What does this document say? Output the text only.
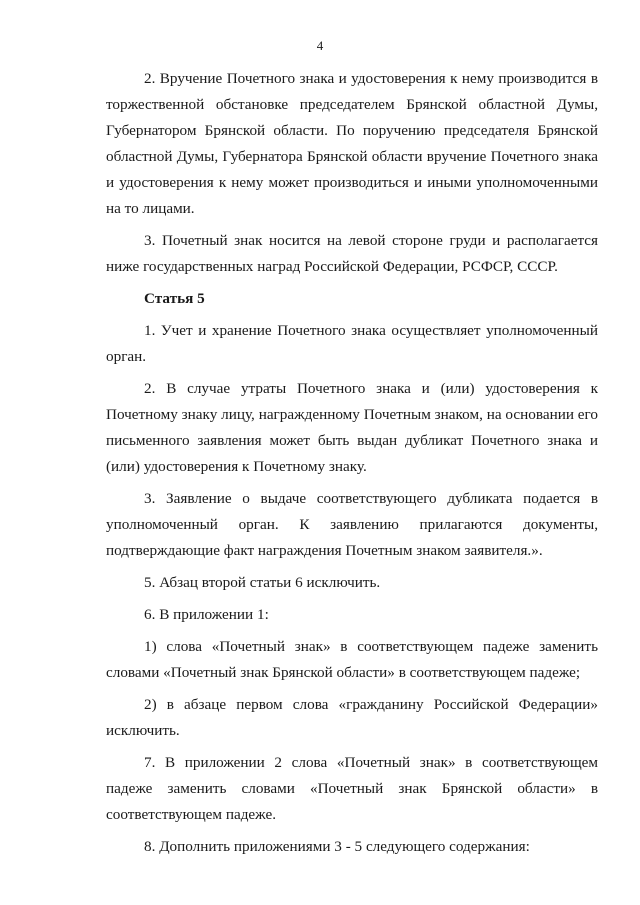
4

2. Вручение Почетного знака и удостоверения к нему производится в торжественной обстановке председателем Брянской областной Думы, Губернатором Брянской области. По поручению председателя Брянской областной Думы, Губернатора Брянской области вручение Почетного знака и удостоверения к нему может производиться и иными уполномоченными на то лицами.

3. Почетный знак носится на левой стороне груди и располагается ниже государственных наград Российской Федерации, РСФСР, СССР.

Статья 5

1. Учет и хранение Почетного знака осуществляет уполномоченный орган.

2. В случае утраты Почетного знака и (или) удостоверения к Почетному знаку лицу, награжденному Почетным знаком, на основании его письменного заявления может быть выдан дубликат Почетного знака и (или) удостоверения к Почетному знаку.

3. Заявление о выдаче соответствующего дубликата подается в уполномоченный орган. К заявлению прилагаются документы,

подтверждающие факт награждения Почетным знаком заявителя.».

5. Абзац второй статьи 6 исключить.

6. В приложении 1:

1) слова «Почетный знак» в соответствующем падеже заменить словами «Почетный знак Брянской области» в соответствующем падеже;

2) в абзаце первом слова «гражданину Российской Федерации» исключить.

7. В приложении 2 слова «Почетный знак» в соответствующем падеже заменить словами «Почетный знак Брянской области» в соответствующем падеже.

8. Дополнить приложениями 3 - 5 следующего содержания:
